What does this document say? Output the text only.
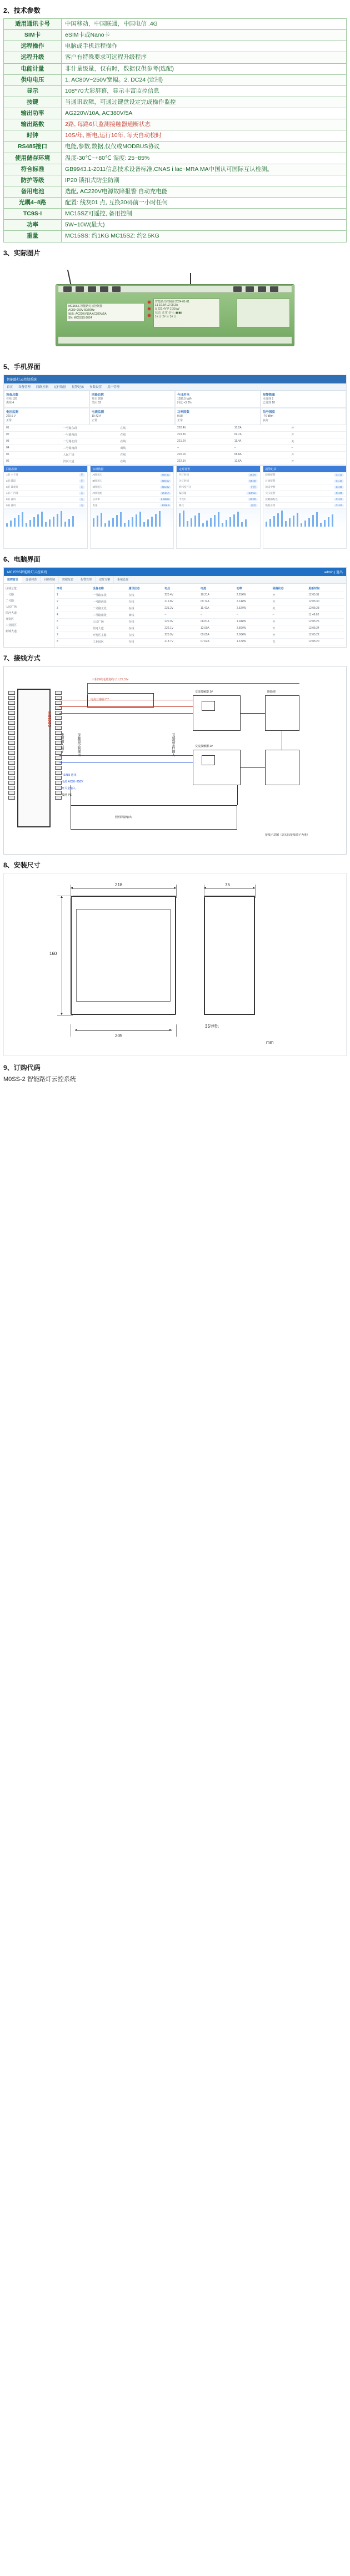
2、技术参数
适用通讯卡号	中国移动，中国联通，中国电信 .4G
SIM卡	eSIM卡或Nano卡
远程操作	电脑或手机远程操作
远程升级	客户有特殊要求可远程升级程序
电能计量	非计量级量，仅有时，数据仅供参考(选配)
供电电压	1. AC80V~250V宽幅。2. DC24 (定制)
显示	108*70大彩屏幕，显示丰富监控信息
按键	当通讯故障，可通过键盘设定完成操作监控
输出功率	AG220V/10A, AC380V/5A
输出路数	2路, 每路6只监测接触器通断状态
时钟	10S/年, 断电,运行10年, 每天自动校时
RS485接口	电能,参数,数据,仅仅或MODBUS协议
使用储存环境	温度-30℃~+80℃ 湿度: 25~85%
符合标准	GB9943.1-2011信息技术设备标准,CNAS i lac~MRA MA中国认可国际互认检测。
防护等级	IP20 锁扣式防尘防潮
备用电池	选配, AC220V电源故障报警 自动充电能
光耦4~8路	配置: 线灰01 点, 互换30码前一小时任何
TC9S-I	MC15SZ可遥控, 备用控制
功率	5W~10W(最大)
重量	MC15SS: 约1KG MC15SZ: 约2.5KG
3、实际图片
MC15SS 智能路灯云控制器
AC80~250V 50/60Hz
输出: AC220V/10A AC380V/5A
SN: MC15SS-2024
智能路灯控制器 2024-01-01
L1 10.5A L2 08.3A
U 221.4V P 2.31kW
状态: 正常 信号: ▮▮▮▮
1# 合 2# 分 3# 合
5、手机界面
智能路灯云控制系统
首页 设备管理 回路控制 运行数据 报警记录 参数设置 用户管理
设备总数
在线 126
离线 4
回路总数
开启 208
关闭 52
今日用电
1286.5 kWh
同比 +3.2%
报警数量
未处理 2
已处理 18
电压监测
220.6 V
正常
电流监测
10.42 A
正常
功率因数
0.98
正常
信号强度
-76 dBm
良好
01	一号路东段	在线	220.4V	10.2A	开
02	一号路西段	在线	219.8V	09.7A	开
03	二号路北段	在线	221.2V	11.4A	关
04	二号路南段	离线	--	--	--
05	人民广场	在线	220.0V	08.8A	开
06	滨河大道	在线	222.1V	12.6A	开
回路控制
1路 主干道	开
2路 辅道	开
3路 景观灯	关
4路 广告牌	关
5路 备用	关
6路 备用	关
实时数据
A相电压	220.4V
B相电压	219.6V
C相电压	221.0V
A相电流	10.21A
总功率	6.82kW
电量	1286.5
定时设置
开灯时间	18:20
关灯时间	05:40
经纬度开关	启用
偏移量	+10min
半夜灯	23:00
模式	自动
报警记录
缺相报警	01-12
过流报警	01-10
通讯中断	01-08
欠压报警	01-05
接触器粘连	01-03
恢复正常	01-02
6、电脑界面
MC15SS智能路灯云控系统	admin | 退出
监控首页	设备列表	回路控制	数据报表	报警管理	定时方案	系统设置
区域总览
一号路
二号路
人民广场
滨河大道
开发区
工业园区
新城大道
序号	设备名称	通讯状态	电压	电流	功率	回路状态	更新时间
1	一号路东段	在线	220.4V	10.21A	2.25kW	开	12:05:31
2	一号路西段	在线	219.8V	09.74A	2.14kW	开	12:05:30
3	二号路北段	在线	221.2V	11.42A	2.52kW	关	12:05:28
4	二号路南段	离线	--	--	--	--	11:48:02
5	人民广场	在线	220.0V	08.81A	1.94kW	开	12:05:26
6	滨河大道	在线	222.1V	12.60A	2.80kW	开	12:05:24
7	开发区主路	在线	220.9V	09.05A	2.00kW	开	12:05:22
8	工业园区	在线	218.7V	07.62A	1.67kW	关	12:05:20
7、接线方式
MC15SS
电源输入端子	接触器控制输出	互感器采样输入
三相四线电源进线 L1 L2 L3 N
电流互感器 CT
交流接触器 1#
交流接触器 2#
断路器
照明回路输出
RS485 通讯
电源 AC80~250V
开关量输入
接地 PE
接线示意图（以实际接线端子为准）
8、安装尺寸
218	75
160
205
35导轨
mm
9、订购代码
M0SS-2 智能路灯云控系统
